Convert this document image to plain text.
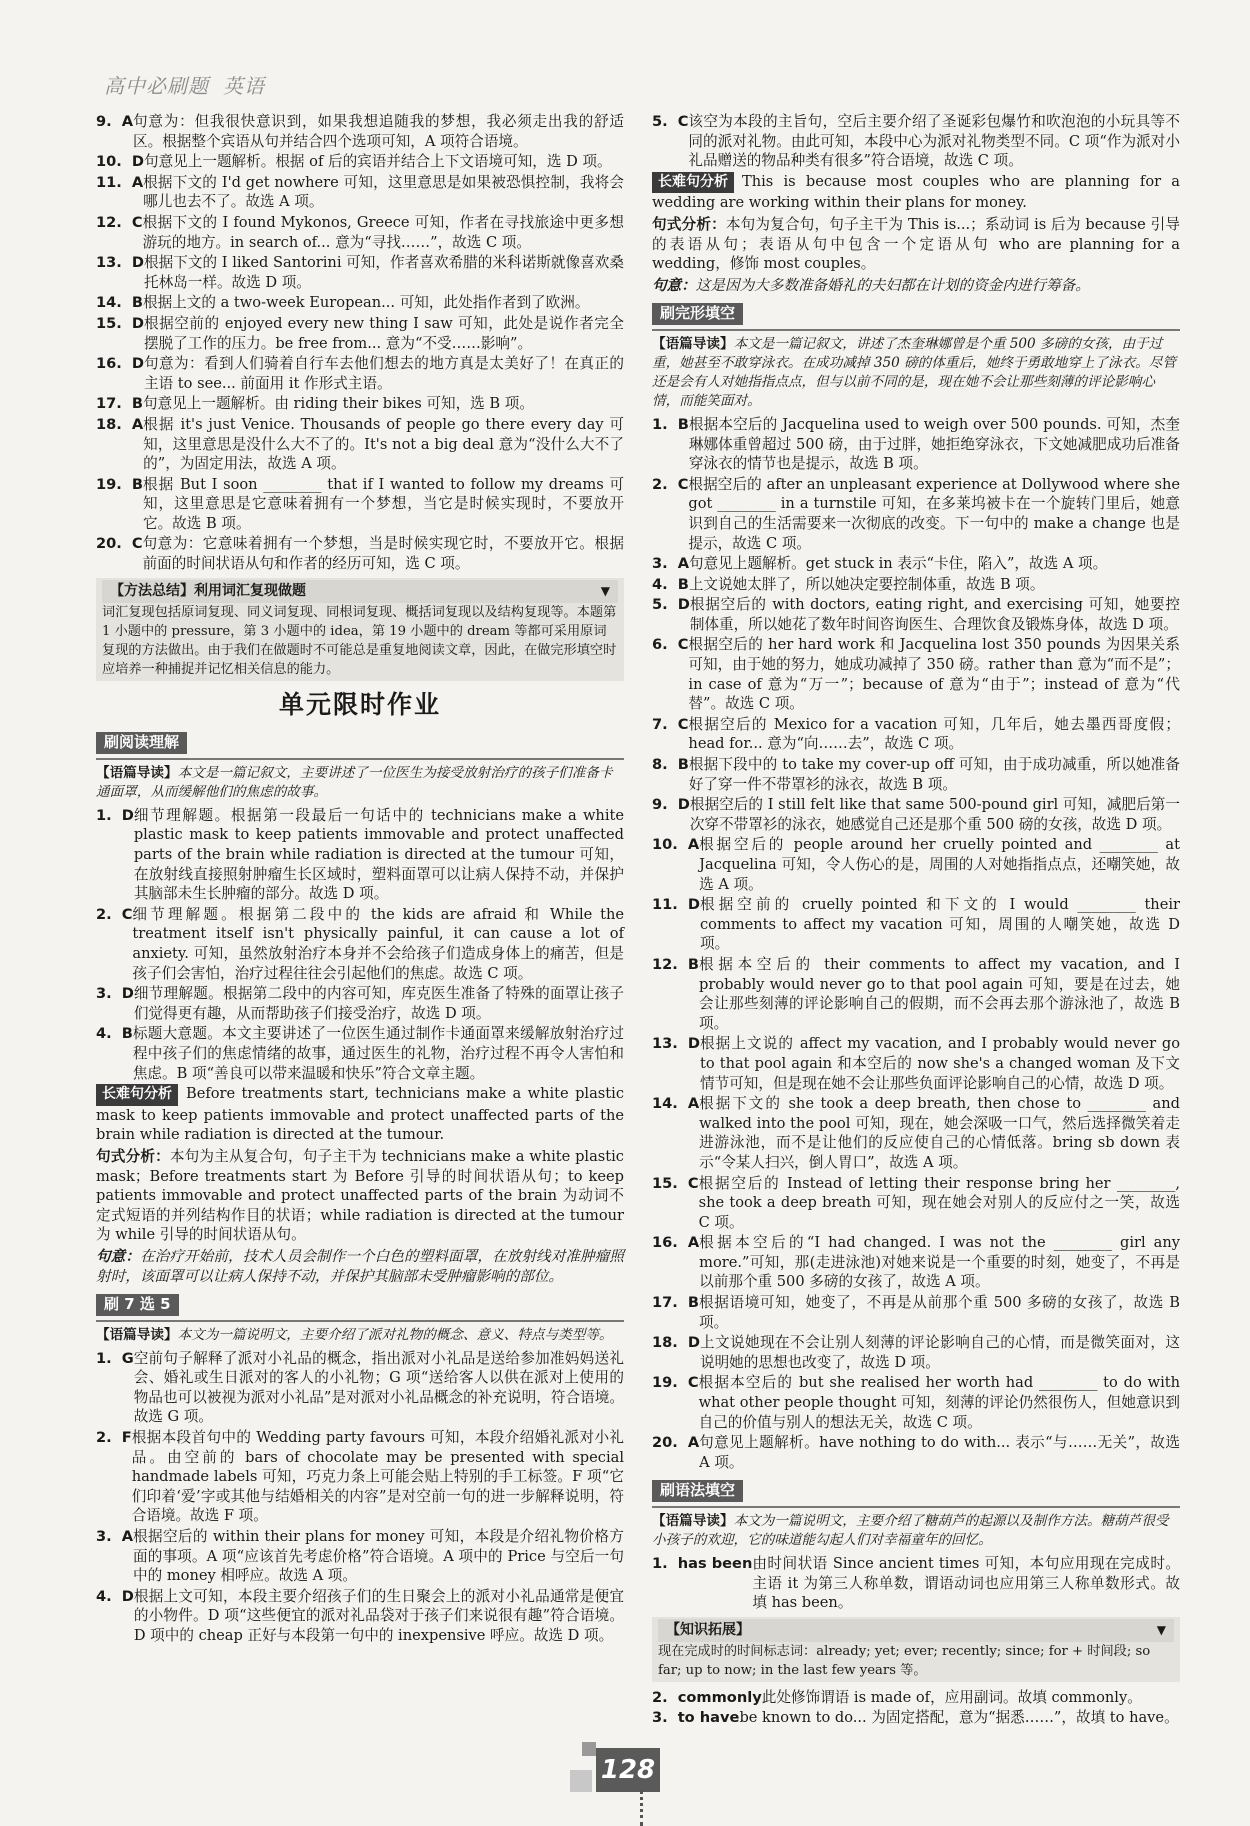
高中必刷题 英语
9. A 句意为：但我很快意识到，如果我想追随我的梦想，我必须走出我的舒适区。根据整个宾语从句并结合四个选项可知，A 项符合语境。
10. D 句意见上一题解析。根据 of 后的宾语并结合上下文语境可知，选 D 项。
11. A 根据下文的 I'd get nowhere 可知，这里意思是如果被恐惧控制，我将会哪儿也去不了。故选 A 项。
12. C 根据下文的 I found Mykonos, Greece 可知，作者在寻找旅途中更多想游玩的地方。in search of... 意为“寻找……”，故选 C 项。
13. D 根据下文的 I liked Santorini 可知，作者喜欢希腊的米科诺斯就像喜欢桑托林岛一样。故选 D 项。
14. B 根据上文的 a two-week European... 可知，此处指作者到了欧洲。
15. D 根据空前的 enjoyed every new thing I saw 可知，此处是说作者完全摆脱了工作的压力。be free from... 意为“不受……影响”。
16. D 句意为：看到人们骑着自行车去他们想去的地方真是太美好了！在真正的主语 to see... 前面用 it 作形式主语。
17. B 句意见上一题解析。由 riding their bikes 可知，选 B 项。
18. A 根据 it's just Venice. Thousands of people go there every day 可知，这里意思是没什么大不了的。It's not a big deal 意为“没什么大不了的”，为固定用法，故选 A 项。
19. B 根据 But I soon ________ that if I wanted to follow my dreams 可知，这里意思是它意味着拥有一个梦想，当它是时候实现时，不要放开它。故选 B 项。
20. C 句意为：它意味着拥有一个梦想，当是时候实现它时，不要放开它。根据前面的时间状语从句和作者的经历可知，选 C 项。
【方法总结】利用词汇复现做题	▼
词汇复现包括原词复现、同义词复现、同根词复现、概括词复现以及结构复现等。本题第 1 小题中的 pressure，第 3 小题中的 idea，第 19 小题中的 dream 等都可采用原词复现的方法做出。由于我们在做题时不可能总是重复地阅读文章，因此，在做完形填空时应培养一种捕捉并记忆相关信息的能力。
单元限时作业
刷阅读理解
【语篇导读】本文是一篇记叙文，主要讲述了一位医生为接受放射治疗的孩子们准备卡通面罩，从而缓解他们的焦虑的故事。
1. D 细节理解题。根据第一段最后一句话中的 technicians make a white plastic mask to keep patients immovable and protect unaffected parts of the brain while radiation is directed at the tumour 可知，在放射线直接照射肿瘤生长区域时，塑料面罩可以让病人保持不动，并保护其脑部未生长肿瘤的部分。故选 D 项。
2. C 细节理解题。根据第二段中的 the kids are afraid 和 While the treatment itself isn't physically painful, it can cause a lot of anxiety. 可知，虽然放射治疗本身并不会给孩子们造成身体上的痛苦，但是孩子们会害怕，治疗过程往往会引起他们的焦虑。故选 C 项。
3. D 细节理解题。根据第二段中的内容可知，库克医生准备了特殊的面罩让孩子们觉得更有趣，从而帮助孩子们接受治疗，故选 D 项。
4. B 标题大意题。本文主要讲述了一位医生通过制作卡通面罩来缓解放射治疗过程中孩子们的焦虑情绪的故事，通过医生的礼物，治疗过程不再令人害怕和焦虑。B 项“善良可以带来温暖和快乐”符合文章主题。
长难句分析 Before treatments start, technicians make a white plastic mask to keep patients immovable and protect unaffected parts of the brain while radiation is directed at the tumour.
句式分析：本句为主从复合句，句子主干为 technicians make a white plastic mask；Before treatments start 为 Before 引导的时间状语从句；to keep patients immovable and protect unaffected parts of the brain 为动词不定式短语的并列结构作目的状语；while radiation is directed at the tumour 为 while 引导的时间状语从句。
句意：在治疗开始前，技术人员会制作一个白色的塑料面罩，在放射线对准肿瘤照射时，该面罩可以让病人保持不动，并保护其脑部未受肿瘤影响的部位。
刷 7 选 5
【语篇导读】本文为一篇说明文，主要介绍了派对礼物的概念、意义、特点与类型等。
1. G 空前句子解释了派对小礼品的概念，指出派对小礼品是送给参加准妈妈送礼会、婚礼或生日派对的客人的小礼物；G 项“送给客人以供在派对上使用的物品也可以被视为派对小礼品”是对派对小礼品概念的补充说明，符合语境。故选 G 项。
2. F 根据本段首句中的 Wedding party favours 可知，本段介绍婚礼派对小礼品。由空前的 bars of chocolate may be presented with special handmade labels 可知，巧克力条上可能会贴上特别的手工标签。F 项“它们印着‘爱’字或其他与结婚相关的内容”是对空前一句的进一步解释说明，符合语境。故选 F 项。
3. A 根据空后的 within their plans for money 可知，本段是介绍礼物价格方面的事项。A 项“应该首先考虑价格”符合语境。A 项中的 Price 与空后一句中的 money 相呼应。故选 A 项。
4. D 根据上文可知，本段主要介绍孩子们的生日聚会上的派对小礼品通常是便宜的小物件。D 项“这些便宜的派对礼品袋对于孩子们来说很有趣”符合语境。D 项中的 cheap 正好与本段第一句中的 inexpensive 呼应。故选 D 项。
5. C 该空为本段的主旨句，空后主要介绍了圣诞彩包爆竹和吹泡泡的小玩具等不同的派对礼物。由此可知，本段中心为派对礼物类型不同。C 项“作为派对小礼品赠送的物品种类有很多”符合语境，故选 C 项。
长难句分析 This is because most couples who are planning for a wedding are working within their plans for money.
句式分析：本句为复合句，句子主干为 This is...；系动词 is 后为 because 引导的表语从句；表语从句中包含一个定语从句 who are planning for a wedding，修饰 most couples。
句意：这是因为大多数准备婚礼的夫妇都在计划的资金内进行筹备。
刷完形填空
【语篇导读】本文是一篇记叙文，讲述了杰奎琳娜曾是个重 500 多磅的女孩，由于过重，她甚至不敢穿泳衣。在成功减掉 350 磅的体重后，她终于勇敢地穿上了泳衣。尽管还是会有人对她指指点点，但与以前不同的是，现在她不会让那些刻薄的评论影响心情，而能笑面对。
1. B 根据本空后的 Jacquelina used to weigh over 500 pounds. 可知，杰奎琳娜体重曾超过 500 磅，由于过胖，她拒绝穿泳衣，下文她减肥成功后准备穿泳衣的情节也是提示，故选 B 项。
2. C 根据空后的 after an unpleasant experience at Dollywood where she got ________ in a turnstile 可知，在多莱坞被卡在一个旋转门里后，她意识到自己的生活需要来一次彻底的改变。下一句中的 make a change 也是提示，故选 C 项。
3. A 句意见上题解析。get stuck in 表示“卡住，陷入”，故选 A 项。
4. B 上文说她太胖了，所以她决定要控制体重，故选 B 项。
5. D 根据空后的 with doctors, eating right, and exercising 可知，她要控制体重，所以她花了数年时间咨询医生、合理饮食及锻炼身体，故选 D 项。
6. C 根据空后的 her hard work 和 Jacquelina lost 350 pounds 为因果关系可知，由于她的努力，她成功减掉了 350 磅。rather than 意为“而不是”；in case of 意为“万一”；because of 意为“由于”；instead of 意为“代替”。故选 C 项。
7. C 根据空后的 Mexico for a vacation 可知，几年后，她去墨西哥度假；head for... 意为“向……去”，故选 C 项。
8. B 根据下段中的 to take my cover-up off 可知，由于成功减重，所以她准备好了穿一件不带罩衫的泳衣，故选 B 项。
9. D 根据空后的 I still felt like that same 500-pound girl 可知，减肥后第一次穿不带罩衫的泳衣，她感觉自己还是那个重 500 磅的女孩，故选 D 项。
10. A 根据空后的 people around her cruelly pointed and ________ at Jacquelina 可知，令人伤心的是，周围的人对她指指点点，还嘲笑她，故选 A 项。
11. D 根据空前的 cruelly pointed 和下文的 I would ________ their comments to affect my vacation 可知，周围的人嘲笑她，故选 D 项。
12. B 根据本空后的 their comments to affect my vacation, and I probably would never go to that pool again 可知，要是在过去，她会让那些刻薄的评论影响自己的假期，而不会再去那个游泳池了，故选 B 项。
13. D 根据上文说的 affect my vacation, and I probably would never go to that pool again 和本空后的 now she's a changed woman 及下文情节可知，但是现在她不会让那些负面评论影响自己的心情，故选 D 项。
14. A 根据下文的 she took a deep breath, then chose to ________ and walked into the pool 可知，现在，她会深吸一口气，然后选择微笑着走进游泳池，而不是让他们的反应使自己的心情低落。bring sb down 表示“令某人扫兴，倒人胃口”，故选 A 项。
15. C 根据空后的 Instead of letting their response bring her ________, she took a deep breath 可知，现在她会对别人的反应付之一笑，故选 C 项。
16. A 根据本空后的“I had changed. I was not the ________ girl any more.”可知，那(走进泳池)对她来说是一个重要的时刻，她变了，不再是以前那个重 500 多磅的女孩了，故选 A 项。
17. B 根据语境可知，她变了，不再是从前那个重 500 多磅的女孩了，故选 B 项。
18. D 上文说她现在不会让别人刻薄的评论影响自己的心情，而是微笑面对，这说明她的思想也改变了，故选 D 项。
19. C 根据本空后的 but she realised her worth had ________ to do with what other people thought 可知，刻薄的评论仍然很伤人，但她意识到自己的价值与别人的想法无关，故选 C 项。
20. A 句意见上题解析。have nothing to do with... 表示“与……无关”，故选 A 项。
刷语法填空
【语篇导读】本文为一篇说明文，主要介绍了糖葫芦的起源以及制作方法。糖葫芦很受小孩子的欢迎，它的味道能勾起人们对幸福童年的回忆。
1. has been 由时间状语 Since ancient times 可知，本句应用现在完成时。主语 it 为第三人称单数，谓语动词也应用第三人称单数形式。故填 has been。
【知识拓展】	▼
现在完成时的时间标志词：already; yet; ever; recently; since; for + 时间段; so far; up to now; in the last few years 等。
2. commonly 此处修饰谓语 is made of，应用副词。故填 commonly。
3. to have be known to do... 为固定搭配，意为“据悉……”，故填 to have。
128
